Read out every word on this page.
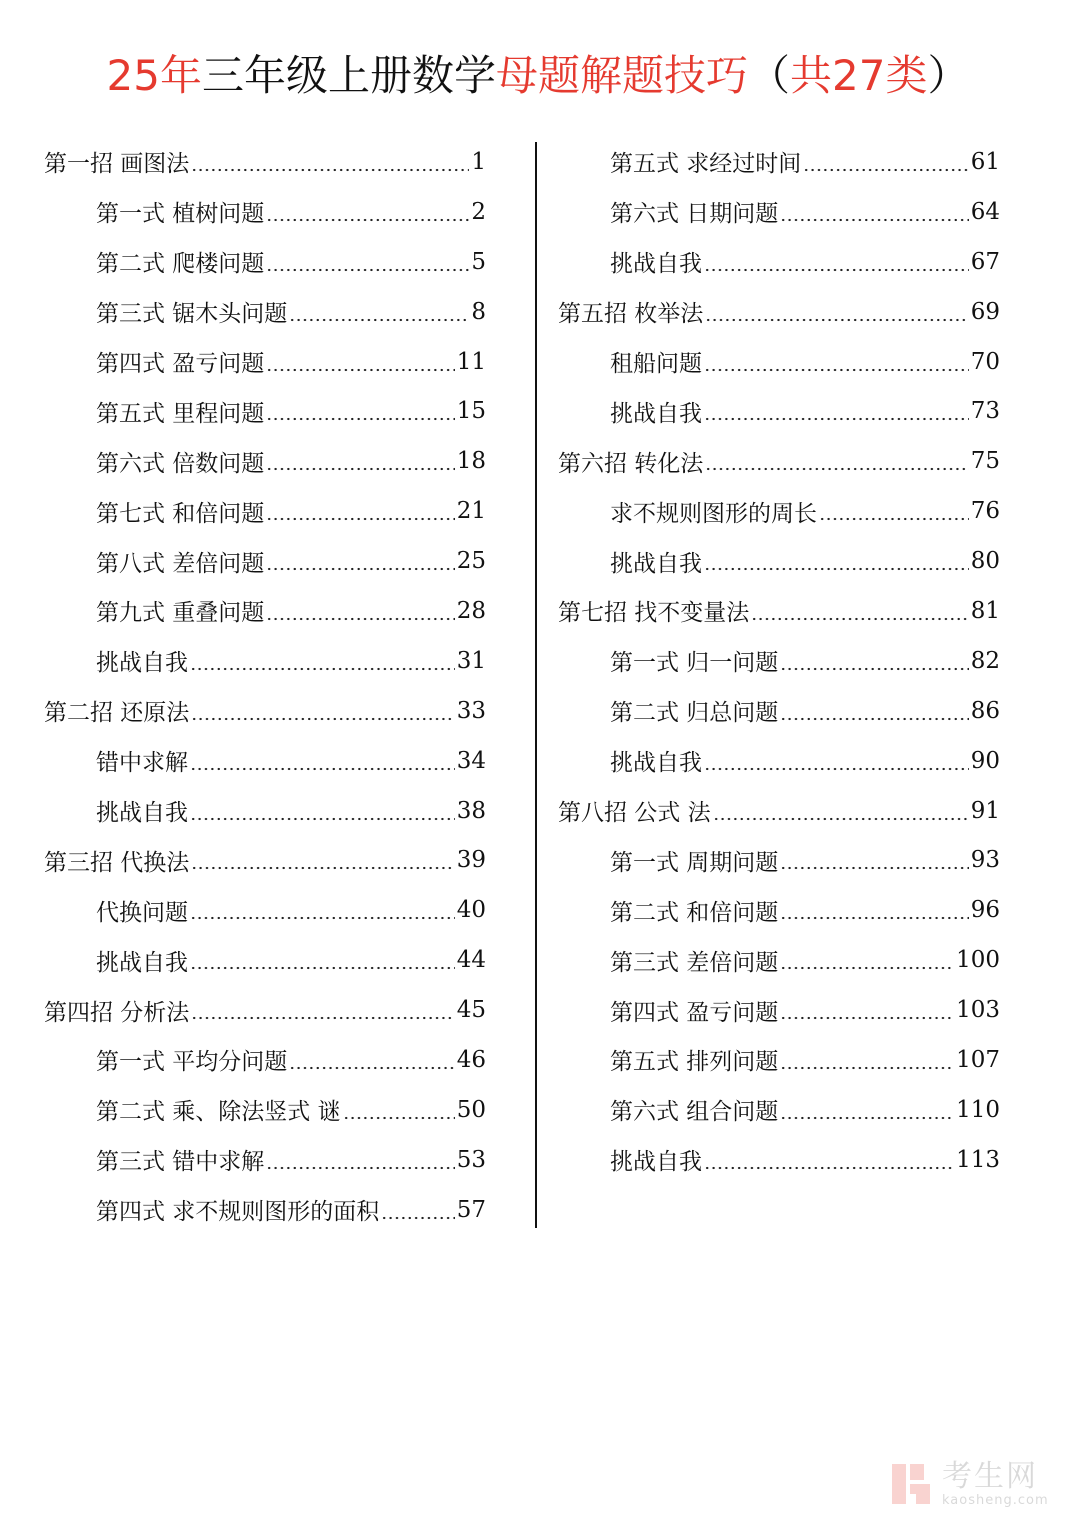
25年三年级上册数学母题解题技巧（共27类）
第一招 画图法	1
第一式 植树问题	2
第二式 爬楼问题	5
第三式 锯木头问题	8
第四式 盈亏问题	11
第五式 里程问题	15
第六式 倍数问题	18
第七式 和倍问题	21
第八式 差倍问题	25
第九式 重叠问题	28
挑战自我	31
第二招 还原法	33
错中求解	34
挑战自我	38
第三招 代换法	39
代换问题	40
挑战自我	44
第四招 分析法	45
第一式 平均分问题	46
第二式 乘、除法竖式 谜	50
第三式 错中求解	53
第四式 求不规则图形的面积	57
第五式 求经过时间	61
第六式 日期问题	64
挑战自我	67
第五招 枚举法	69
租船问题	70
挑战自我	73
第六招 转化法	75
求不规则图形的周长	76
挑战自我	80
第七招 找不变量法	81
第一式 归一问题	82
第二式 归总问题	86
挑战自我	90
第八招 公式 法	91
第一式 周期问题	93
第二式 和倍问题	96
第三式 差倍问题	100
第四式 盈亏问题	103
第五式 排列问题	107
第六式 组合问题	110
挑战自我	113
考生网
kaosheng.com
